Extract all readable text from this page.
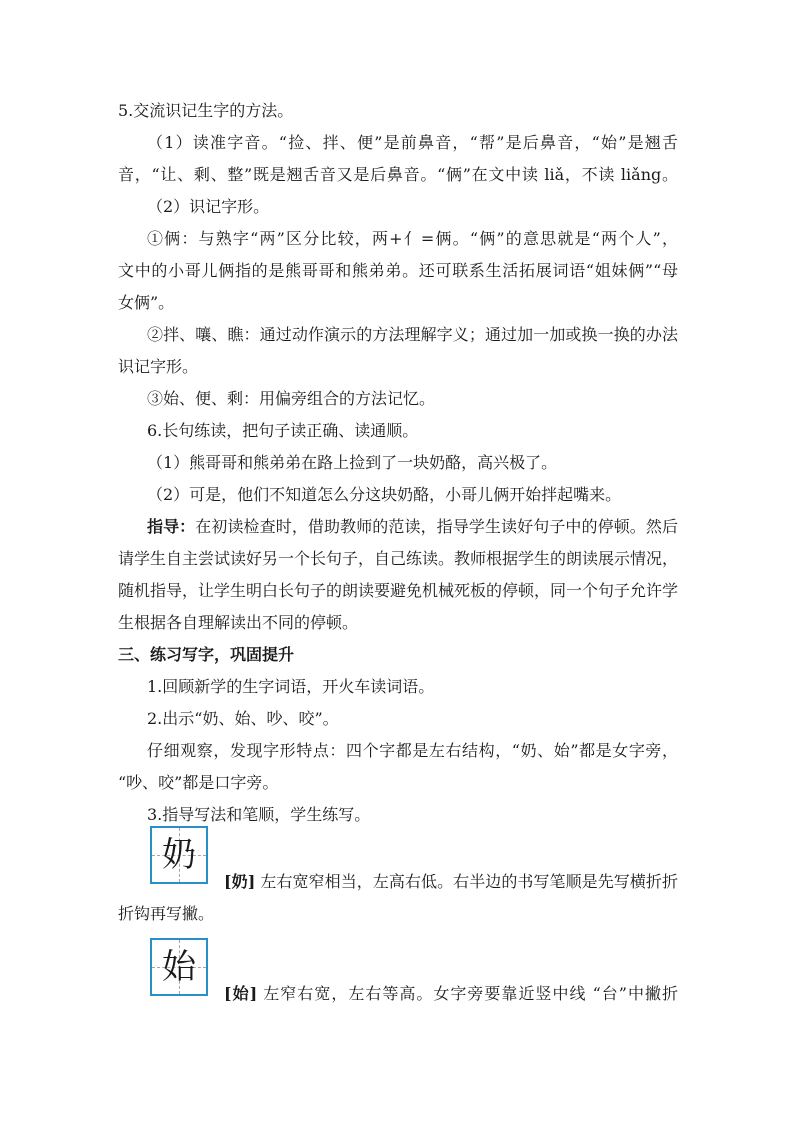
5.交流识记生字的方法。
（1）读准字音。“捡、拌、便”是前鼻音，“帮”是后鼻音，“始”是翘舌
音，“让、剩、整”既是翘舌音又是后鼻音。“俩”在文中读 liǎ，不读 liǎng。
（2）识记字形。
①俩：与熟字“两”区分比较，两+亻=俩。“俩”的意思就是“两个人”，
文中的小哥儿俩指的是熊哥哥和熊弟弟。还可联系生活拓展词语“姐妹俩”“母
女俩”。
②拌、嚷、瞧：通过动作演示的方法理解字义；通过加一加或换一换的办法
识记字形。
③始、便、剩：用偏旁组合的方法记忆。
6.长句练读，把句子读正确、读通顺。
（1）熊哥哥和熊弟弟在路上捡到了一块奶酪，高兴极了。
（2）可是，他们不知道怎么分这块奶酪，小哥儿俩开始拌起嘴来。
指导：在初读检查时，借助教师的范读，指导学生读好句子中的停顿。然后
请学生自主尝试读好另一个长句子，自己练读。教师根据学生的朗读展示情况，
随机指导，让学生明白长句子的朗读要避免机械死板的停顿，同一个句子允许学
生根据各自理解读出不同的停顿。
三、练习写字，巩固提升
1.回顾新学的生字词语，开火车读词语。
2.出示“奶、始、吵、咬”。
仔细观察，发现字形特点：四个字都是左右结构，“奶、始”都是女字旁，
“吵、咬”都是口字旁。
3.指导写法和笔顺，学生练写。
奶
[奶] 左右宽窄相当，左高右低。右半边的书写笔顺是先写横折折
折钩再写撇。
始
[始] 左窄右宽，左右等高。女字旁要靠近竖中线 “台”中撇折
